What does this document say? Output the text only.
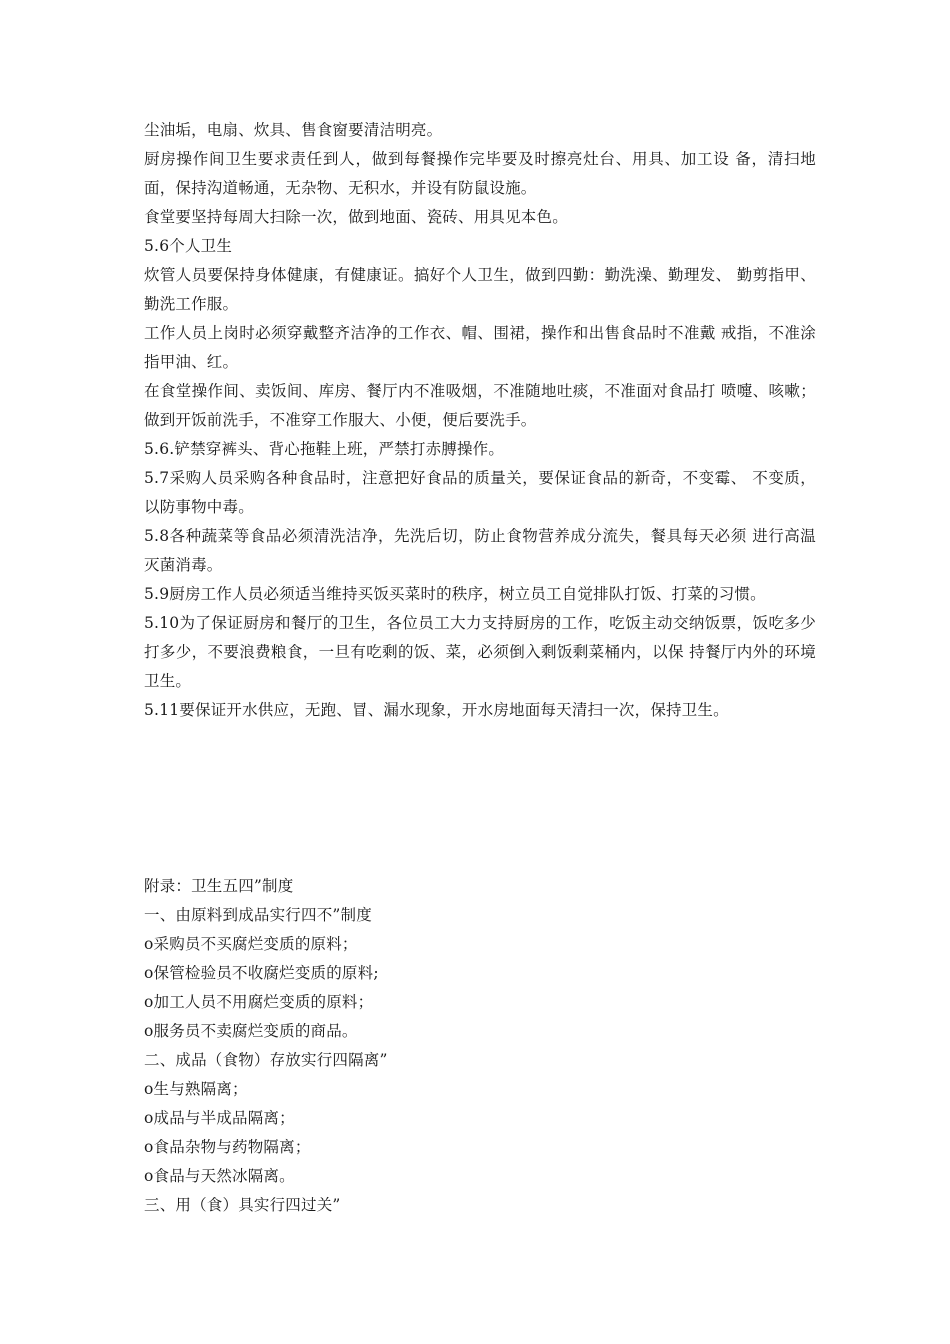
尘油垢，电扇、炊具、售食窗要清洁明亮。

厨房操作间卫生要求责任到人，做到每餐操作完毕要及时擦亮灶台、用具、加工设 备，清扫地面，保持沟道畅通，无杂物、无积水，并设有防鼠设施。

食堂要坚持每周大扫除一次，做到地面、瓷砖、用具见本色。

5.6个人卫生

炊管人员要保持身体健康，有健康证。搞好个人卫生，做到四勤：勤洗澡、勤理发、 勤剪指甲、勤洗工作服。

工作人员上岗时必须穿戴整齐洁净的工作衣、帽、围裙，操作和出售食品时不准戴 戒指，不准涂指甲油、红。

在食堂操作间、卖饭间、库房、餐厅内不准吸烟，不准随地吐痰，不准面对食品打 喷嚏、咳嗽；做到开饭前洗手，不准穿工作服大、小便，便后要洗手。

5.6.铲禁穿裤头、背心拖鞋上班，严禁打赤膊操作。

5.7采购人员采购各种食品时，注意把好食品的质量关，要保证食品的新奇，不变霉、 不变质，以防事物中毒。

5.8各种蔬菜等食品必须清洗洁净，先洗后切，防止食物营养成分流失，餐具每天必须 进行高温灭菌消毒。

5.9厨房工作人员必须适当维持买饭买菜时的秩序，树立员工自觉排队打饭、打菜的习惯。

5.10为了保证厨房和餐厅的卫生，各位员工大力支持厨房的工作，吃饭主动交纳饭票，饭吃多少打多少，不要浪费粮食，一旦有吃剩的饭、菜，必须倒入剩饭剩菜桶内，以保 持餐厅内外的环境卫生。

5.11要保证开水供应，无跑、冒、漏水现象，开水房地面每天清扫一次，保持卫生。

附录：卫生五四”制度

一、由原料到成品实行四不”制度

o采购员不买腐烂变质的原料；

o保管检验员不收腐烂变质的原料;

o加工人员不用腐烂变质的原料；

o服务员不卖腐烂变质的商品。

二、成品（食物）存放实行四隔离”

o生与熟隔离；

o成品与半成品隔离；

o食品杂物与药物隔离；

o食品与天然冰隔离。

三、用（食）具实行四过关”
